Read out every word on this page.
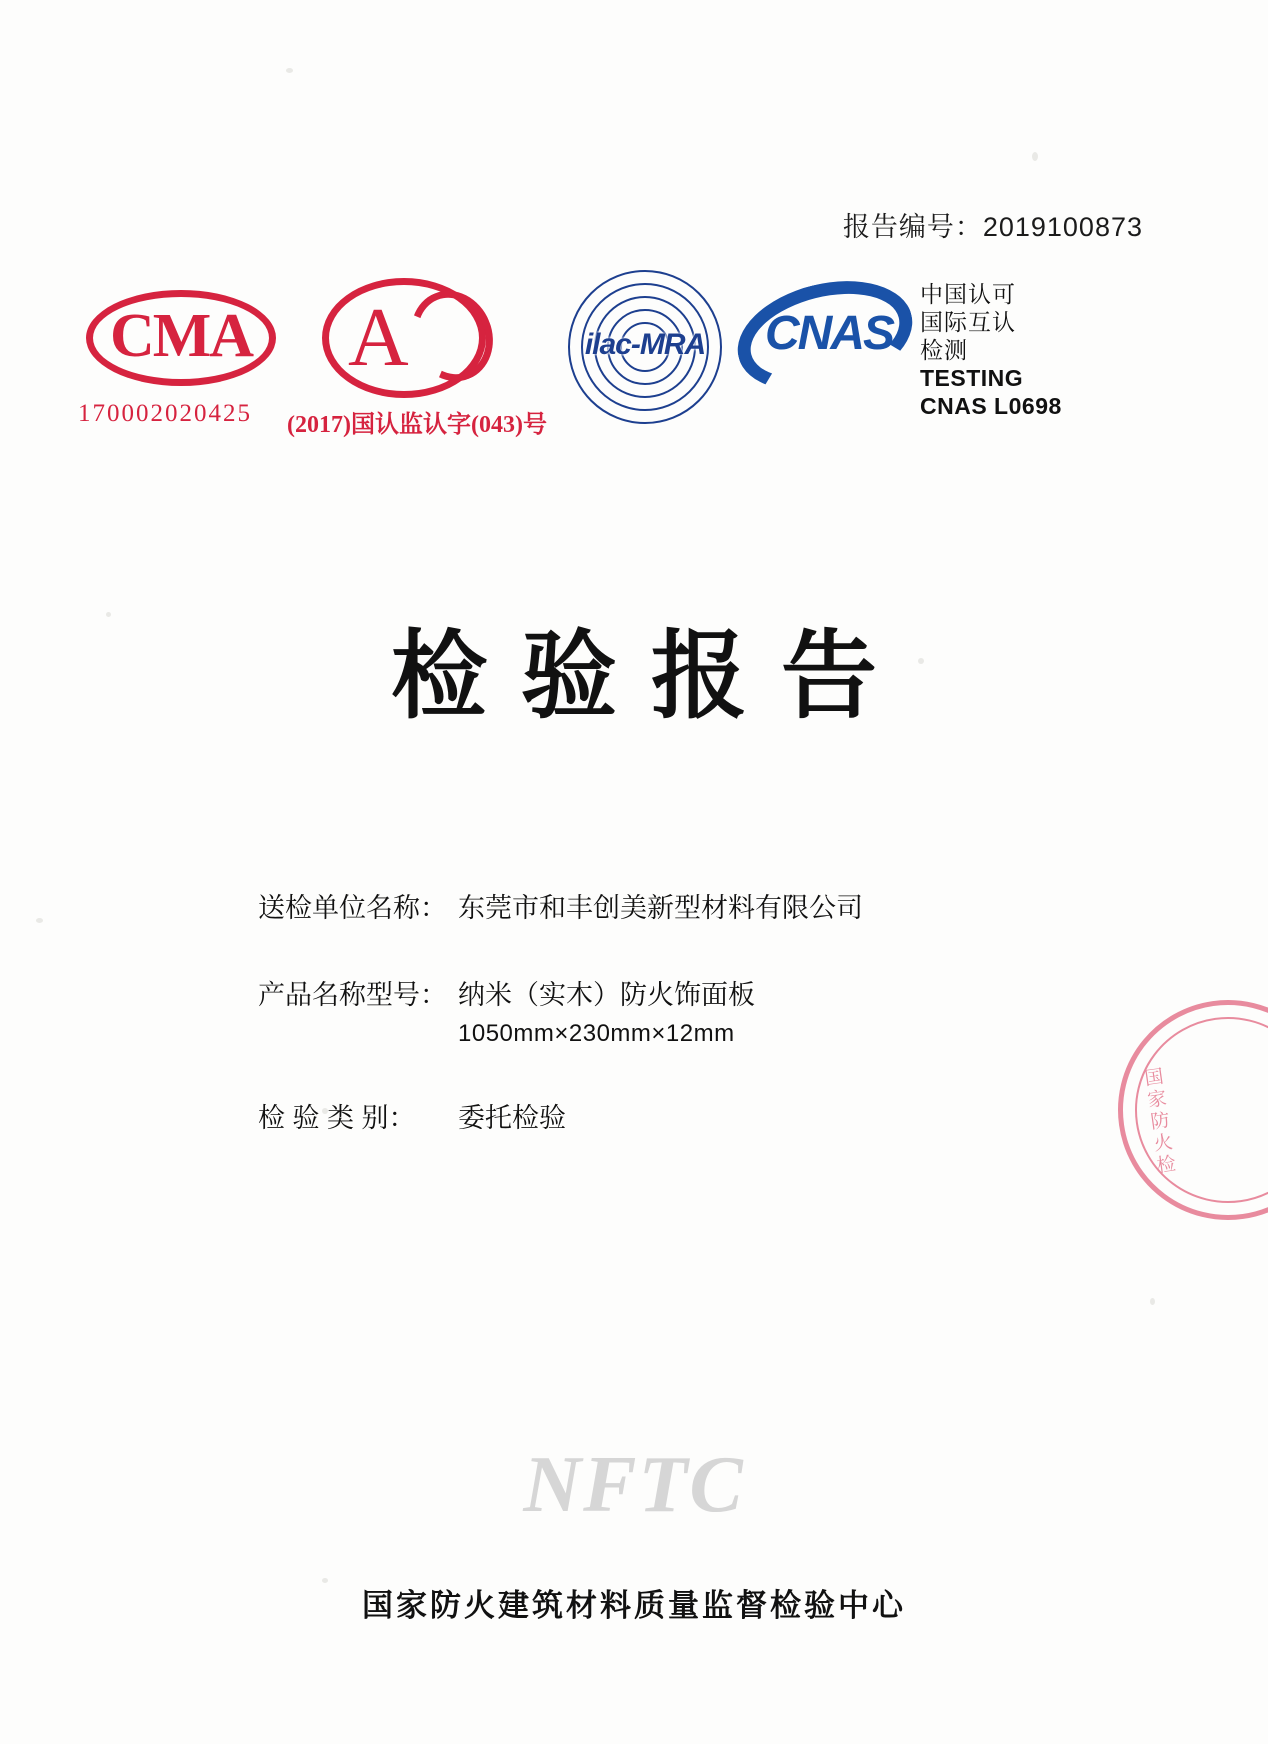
报告编号：2019100873
CMA
170002020425
A
(2017)国认监认字(043)号
ilac-MRA	CNAS
中国认可
国际互认
检测
TESTING
CNAS L0698
检验报告
送检单位名称： 东莞市和丰创美新型材料有限公司
产品名称型号： 纳米（实木）防火饰面板
1050mm×230mm×12mm
检 验 类 别：	委托检验	国家防火检
NFTC
国家防火建筑材料质量监督检验中心
